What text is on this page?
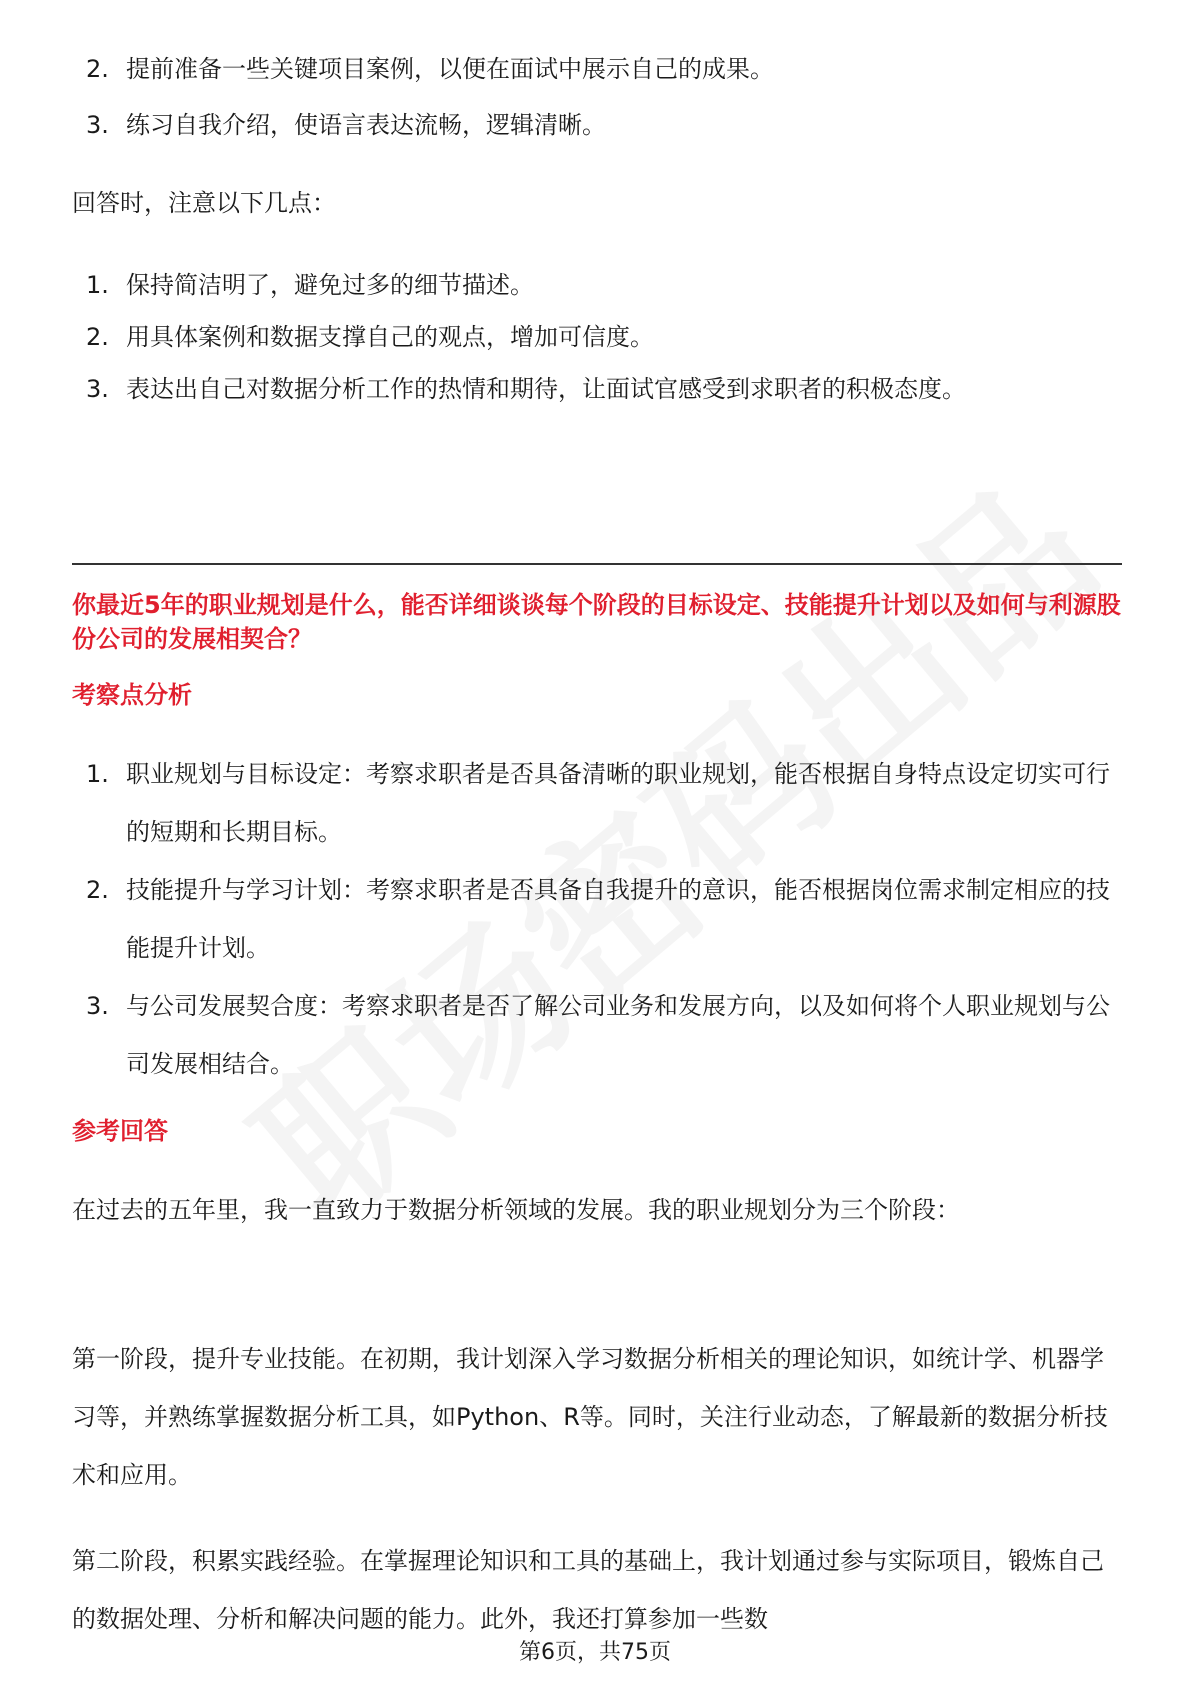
2. 提前准备一些关键项目案例，以便在面试中展示自己的成果。
3. 练习自我介绍，使语言表达流畅，逻辑清晰。
回答时，注意以下几点：
1. 保持简洁明了，避免过多的细节描述。
2. 用具体案例和数据支撑自己的观点，增加可信度。
3. 表达出自己对数据分析工作的热情和期待，让面试官感受到求职者的积极态度。
你最近5年的职业规划是什么，能否详细谈谈每个阶段的目标设定、技能提升计划以及如何与利源股份公司的发展相契合？
考察点分析
1. 职业规划与目标设定：考察求职者是否具备清晰的职业规划，能否根据自身特点设定切实可行的短期和长期目标。
2. 技能提升与学习计划：考察求职者是否具备自我提升的意识，能否根据岗位需求制定相应的技能提升计划。
3. 与公司发展契合度：考察求职者是否了解公司业务和发展方向，以及如何将个人职业规划与公司发展相结合。
参考回答
在过去的五年里，我一直致力于数据分析领域的发展。我的职业规划分为三个阶段：
第一阶段，提升专业技能。在初期，我计划深入学习数据分析相关的理论知识，如统计学、机器学习等，并熟练掌握数据分析工具，如Python、R等。同时，关注行业动态，了解最新的数据分析技术和应用。
第二阶段，积累实践经验。在掌握理论知识和工具的基础上，我计划通过参与实际项目，锻炼自己的数据处理、分析和解决问题的能力。此外，我还打算参加一些数
第6页，共75页
